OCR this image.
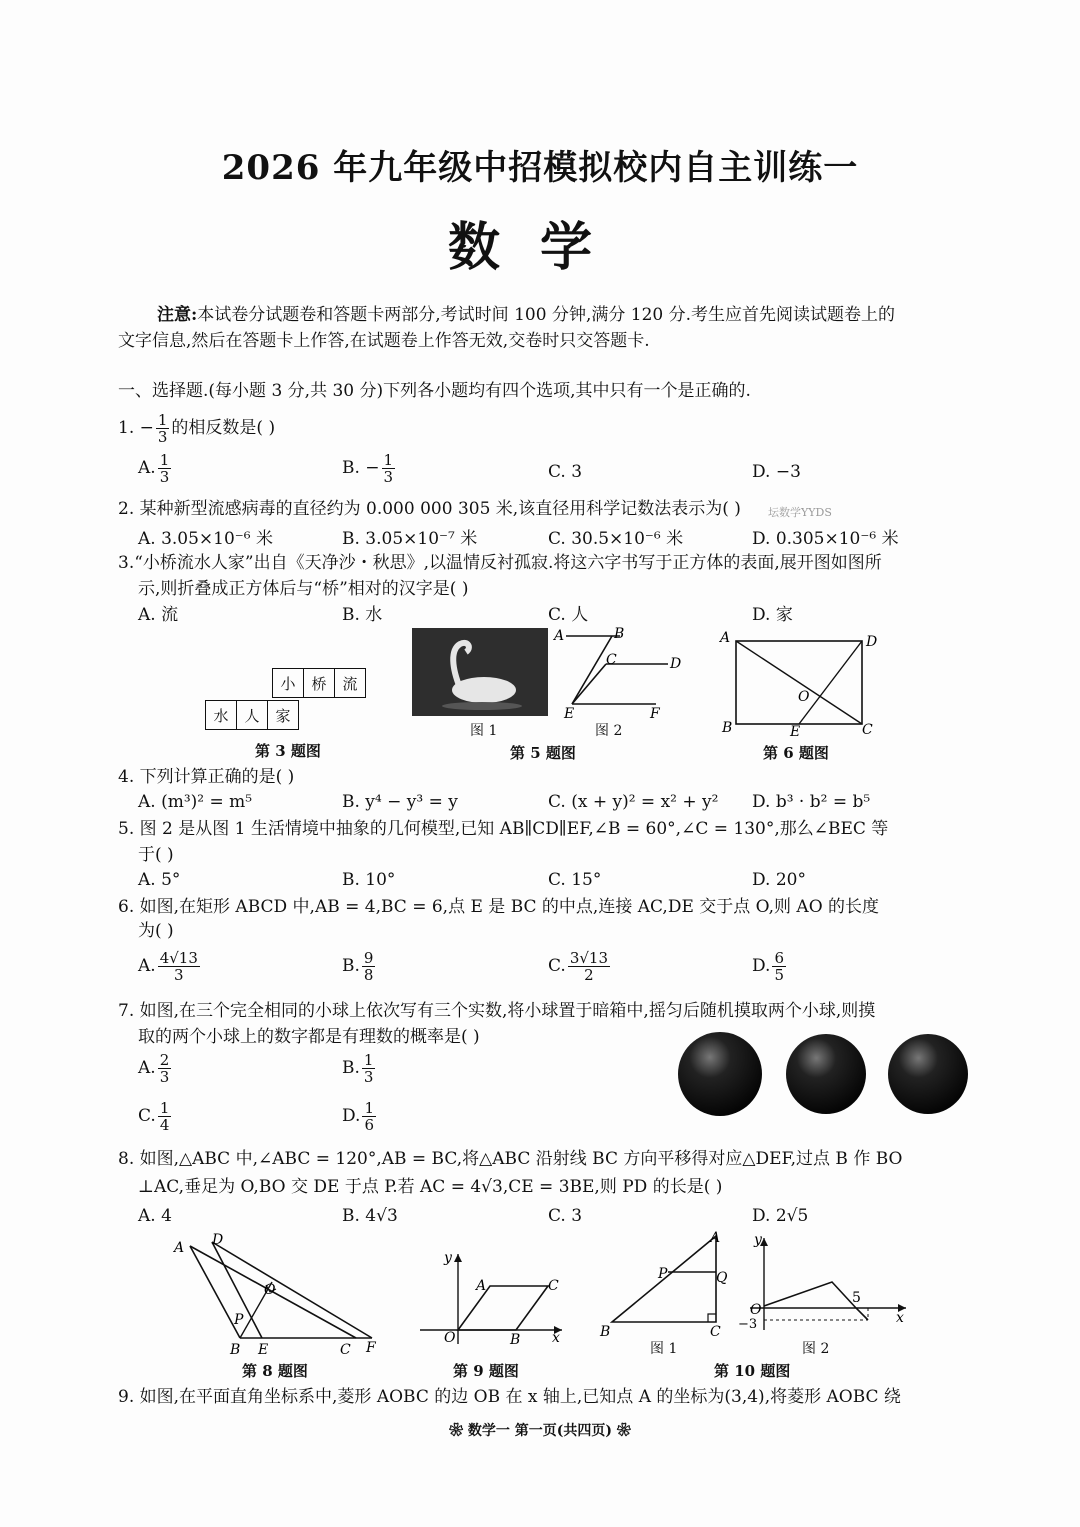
2026 年九年级中招模拟校内自主训练一
数学
注意:本试卷分试题卷和答题卡两部分,考试时间 100 分钟,满分 120 分.考生应首先阅读试题卷上的
文字信息,然后在答题卡上作答,在试题卷上作答无效,交卷时只交答题卡.
一、选择题.(每小题 3 分,共 30 分)下列各小题均有四个选项,其中只有一个是正确的.
1. − $\frac{1}{3}$ 的相反数是( )
A. $\frac{1}{3}$	B. − $\frac{1}{3}$	C. 3	D. −3
2. 某种新型流感病毒的直径约为 0.000 000 305 米,该直径用科学记数法表示为( ) 坛数学YYDS
A. 3.05×10⁻⁶ 米	B. 3.05×10⁻⁷ 米	C. 30.5×10⁻⁶ 米	D. 0.305×10⁻⁶ 米
3.“小桥流水人家”出自《天净沙・秋思》,以温情反衬孤寂.将这六字书写于正方体的表面,展开图如图所
示,则折叠成正方体后与“桥”相对的汉字是( )
A. 流	B. 水	C. 人	D. 家
小	桥	流
水	人	家
第 3 题图
图 1
A	B
C	D
E	F
图 2
第 5 题图
A	D
O
B	E	C
第 6 题图
4. 下列计算正确的是( )
A. (m³)² = m⁵	B. y⁴ − y³ = y	C. (x + y)² = x² + y² D. b³ · b² = b⁵
5. 图 2 是从图 1 生活情境中抽象的几何模型,已知 AB∥CD∥EF,∠B = 60°,∠C = 130°,那么∠BEC 等
于( )
A. 5°	B. 10°	C. 15°	D. 20°
6. 如图,在矩形 ABCD 中,AB = 4,BC = 6,点 E 是 BC 的中点,连接 AC,DE 交于点 O,则 AO 的长度
为( )
A. $\frac{4√13}{3}$	B. $\frac{9}{8}$	C. $\frac{3√13}{2}$	D. $\frac{6}{5}$
7. 如图,在三个完全相同的小球上依次写有三个实数,将小球置于暗箱中,摇匀后随机摸取两个小球,则摸
取的两个小球上的数字都是有理数的概率是( )
A. $\frac{2}{3}$	B. $\frac{1}{3}$
C. $\frac{1}{4}$	D. $\frac{1}{6}$
8. 如图,△ABC 中,∠ABC = 120°,AB = BC,将△ABC 沿射线 BC 方向平移得对应△DEF,过点 B 作 BO
⊥AC,垂足为 O,BO 交 DE 于点 P.若 AC = 4√3,CE = 3BE,则 PD 的长是( )
A. 4	B. 4√3	C. 3	D. 2√5
A D
O
P
B E	C F
第 8 题图
y
A	C
O	B x
第 9 题图
A
P	Q
B	C
图 1
y
O
5
x
−3
图 2
第 10 题图
9. 如图,在平面直角坐标系中,菱形 AOBC 的边 OB 在 x 轴上,已知点 A 的坐标为(3,4),将菱形 AOBC 绕
❀ 数学一 第一页(共四页) ❀
